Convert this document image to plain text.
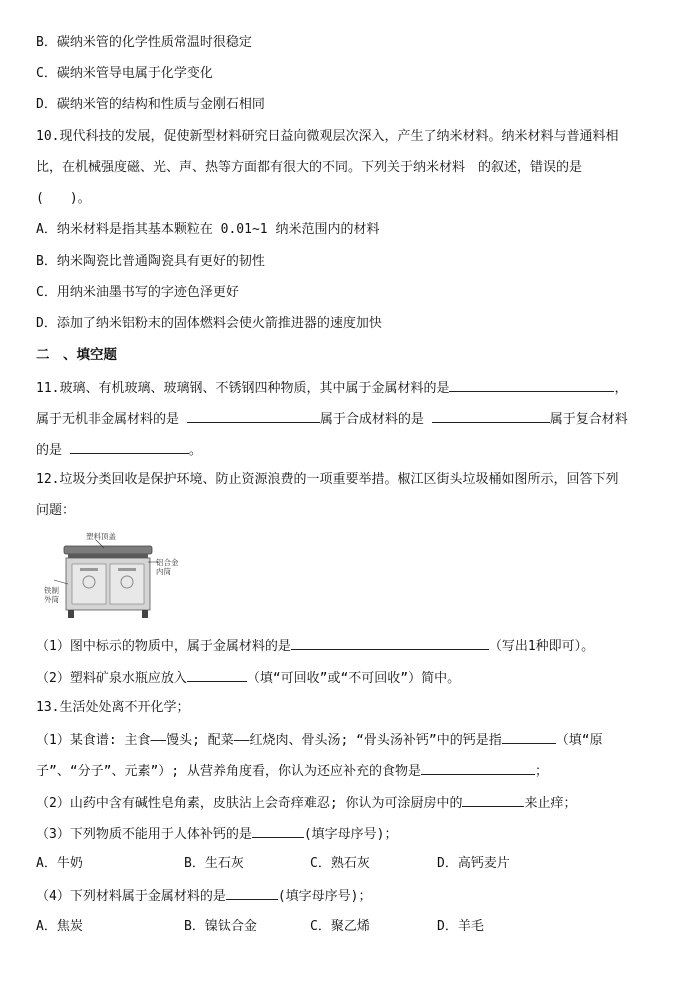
B．碳纳米管的化学性质常温时很稳定
C．碳纳米管导电属于化学变化
D．碳纳米管的结构和性质与金刚石相同
10.现代科技的发展，促使新型材料研究日益向微观层次深入，产生了纳米材料。纳米材料与普通料相
比，在机械强度磁、光、声、热等方面都有很大的不同。下列关于纳米材料　的叙述，错误的是
(　　)。
A．纳米材料是指其基本颗粒在 0.01~1 纳米范围内的材料
B．纳米陶瓷比普通陶瓷具有更好的韧性
C．用纳米油墨书写的字迹色泽更好
D．添加了纳米铝粉末的固体燃料会使火箭推进器的速度加快
二　、填空题
11.玻璃、有机玻璃、玻璃钢、不锈钢四种物质，其中属于金属材料的是	，
属于无机非金属材料的是	属于合成材料的是	属于复合材料
的是	。
12.垃圾分类回收是保护环境、防止资源浪费的一项重要举措。椒江区街头垃圾桶如图所示，回答下列
问题：
塑料顶盖
铝合金
内筒
铁制
外筒
（1）图中标示的物质中，属于金属材料的是	（写出1种即可）。
（2）塑料矿泉水瓶应放入	（填“可回收”或“不可回收”）简中。
13.生活处处离不开化学；
（1）某食谱: 主食——馒头; 配菜——红烧肉、骨头汤; “骨头汤补钙”中的钙是指	（填“原
子”、“分子”、元素”）; 从营养角度看，你认为还应补充的食物是	；
（2）山药中含有碱性皂角素，皮肤沾上会奇痒难忍; 你认为可涂厨房中的	来止痒；
（3）下列物质不能用于人体补钙的是	(填字母序号)；
A．牛奶	B．生石灰	C．熟石灰	D．高钙麦片
（4）下列材料属于金属材料的是	(填字母序号)；
A．焦炭	B．镍钛合金	C．聚乙烯	D．羊毛
